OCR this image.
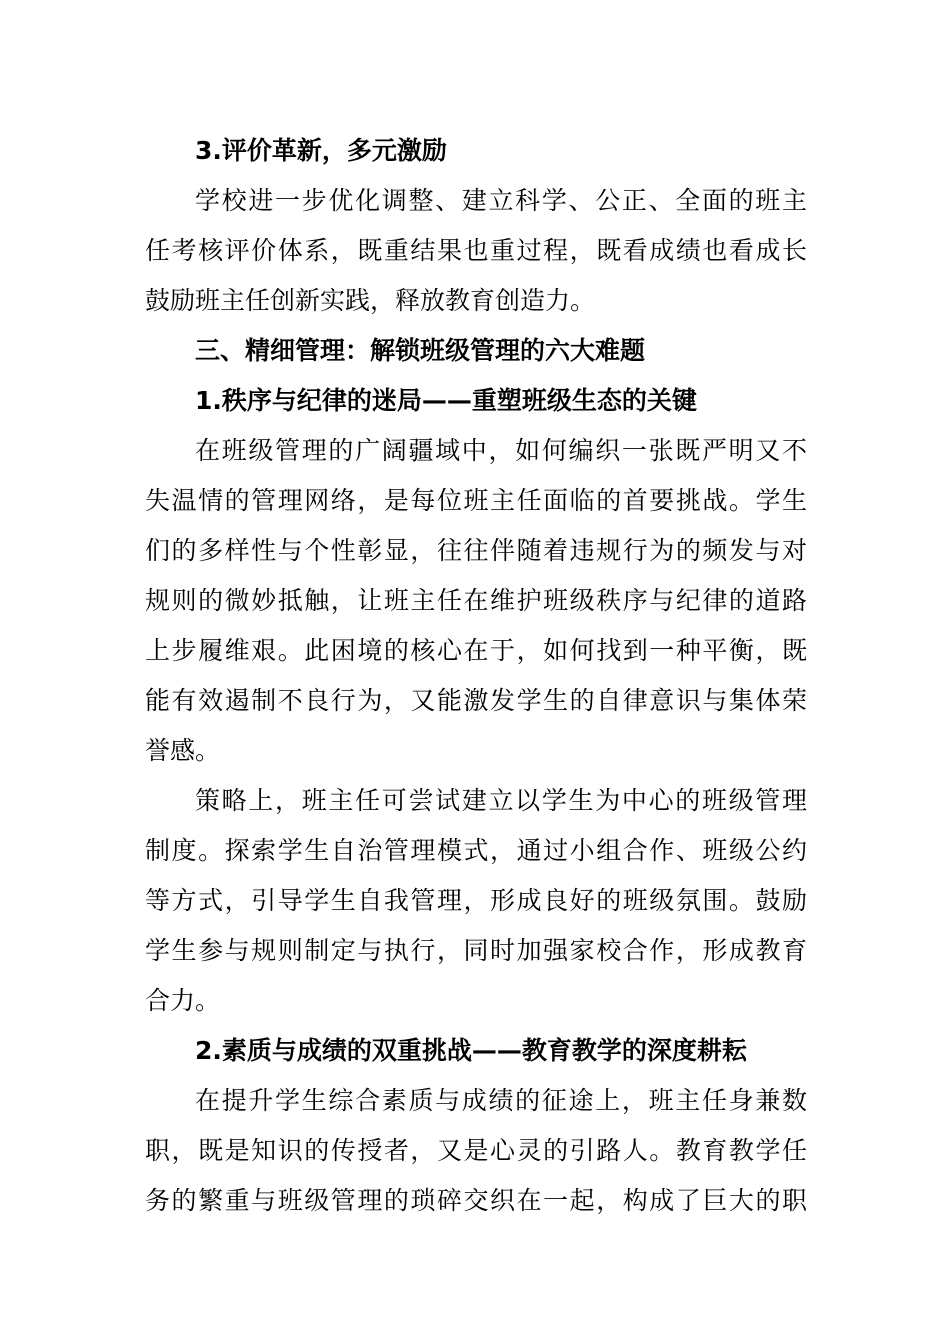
3.评价革新，多元激励
学校进一步优化调整、建立科学、公正、全面的班主
任考核评价体系，既重结果也重过程，既看成绩也看成长
鼓励班主任创新实践，释放教育创造力。
三、精细管理：解锁班级管理的六大难题
1.秩序与纪律的迷局——重塑班级生态的关键
在班级管理的广阔疆域中，如何编织一张既严明又不
失温情的管理网络，是每位班主任面临的首要挑战。学生
们的多样性与个性彰显，往往伴随着违规行为的频发与对
规则的微妙抵触，让班主任在维护班级秩序与纪律的道路
上步履维艰。此困境的核心在于，如何找到一种平衡，既
能有效遏制不良行为，又能激发学生的自律意识与集体荣
誉感。
策略上，班主任可尝试建立以学生为中心的班级管理
制度。探索学生自治管理模式，通过小组合作、班级公约
等方式，引导学生自我管理，形成良好的班级氛围。鼓励
学生参与规则制定与执行，同时加强家校合作，形成教育
合力。
2.素质与成绩的双重挑战——教育教学的深度耕耘
在提升学生综合素质与成绩的征途上，班主任身兼数
职，既是知识的传授者，又是心灵的引路人。教育教学任
务的繁重与班级管理的琐碎交织在一起，构成了巨大的职
